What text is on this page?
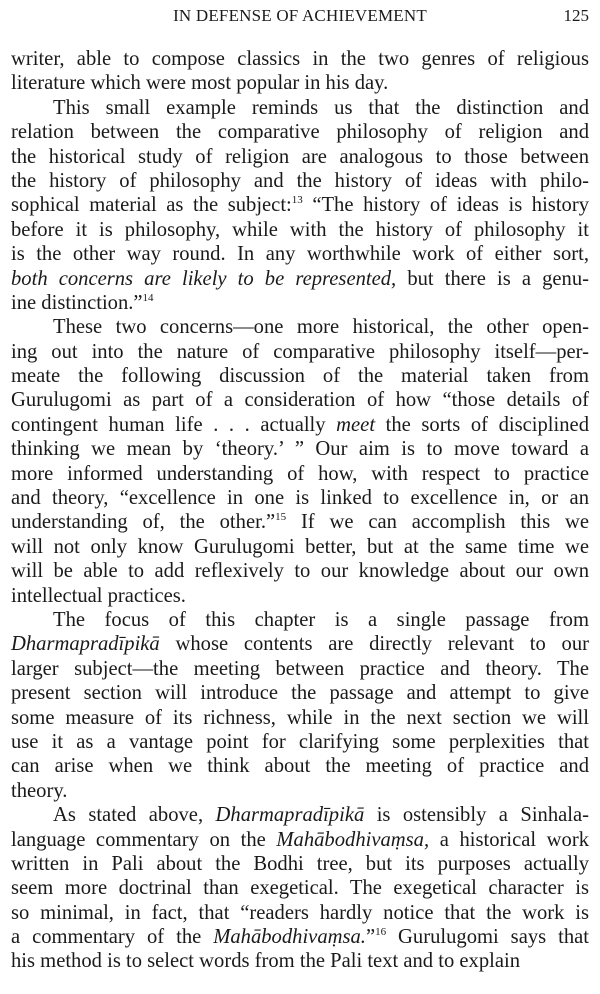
IN DEFENSE OF ACHIEVEMENT	125
writer, able to compose classics in the two genres of religious
literature which were most popular in his day.
This small example reminds us that the distinction and
relation between the comparative philosophy of religion and
the historical study of religion are analogous to those between
the history of philosophy and the history of ideas with philo-
sophical material as the subject:$^{13}$ “The history of ideas is history
before it is philosophy, while with the history of philosophy it
is the other way round. In any worthwhile work of either sort,
both concerns are likely to be represented, but there is a genu-
ine distinction.”$^{14}$
These two concerns—one more historical, the other open-
ing out into the nature of comparative philosophy itself—per-
meate the following discussion of the material taken from
Gurulugomi as part of a consideration of how “those details of
contingent human life . . . actually meet the sorts of disciplined
thinking we mean by ‘theory.’ ” Our aim is to move toward a
more informed understanding of how, with respect to practice
and theory, “excellence in one is linked to excellence in, or an
understanding of, the other.”$^{15}$ If we can accomplish this we
will not only know Gurulugomi better, but at the same time we
will be able to add reflexively to our knowledge about our own
intellectual practices.
The focus of this chapter is a single passage from
Dharmapradīpikā whose contents are directly relevant to our
larger subject—the meeting between practice and theory. The
present section will introduce the passage and attempt to give
some measure of its richness, while in the next section we will
use it as a vantage point for clarifying some perplexities that
can arise when we think about the meeting of practice and
theory.
As stated above, Dharmapradīpikā is ostensibly a Sinhala-
language commentary on the Mahābodhivaṃsa, a historical work
written in Pali about the Bodhi tree, but its purposes actually
seem more doctrinal than exegetical. The exegetical character is
so minimal, in fact, that “readers hardly notice that the work is
a commentary of the Mahābodhivaṃsa.”$^{16}$ Gurulugomi says that
his method is to select words from the Pali text and to explain
